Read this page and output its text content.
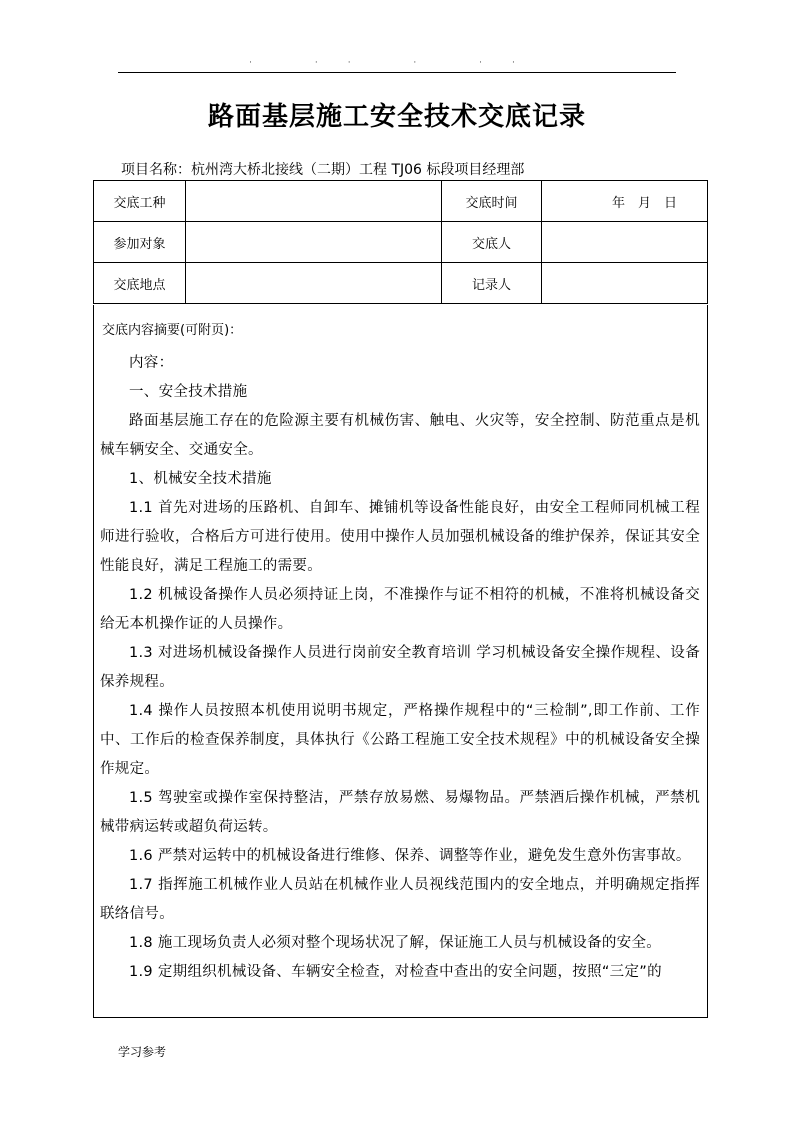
· ·· · ··
路面基层施工安全技术交底记录
项目名称：杭州湾大桥北接线（二期）工程 TJ06 标段项目经理部
交底工种		交底时间	年　月　日
参加对象		交底人	
交底地点		记录人	
交底内容摘要(可附页)：

内容：

一、安全技术措施

路面基层施工存在的危险源主要有机械伤害、触电、火灾等，安全控制、防范重点是机械车辆安全、交通安全。

1、机械安全技术措施

1.1 首先对进场的压路机、自卸车、摊铺机等设备性能良好，由安全工程师同机械工程师进行验收，合格后方可进行使用。使用中操作人员加强机械设备的维护保养，保证其安全性能良好，满足工程施工的需要。

1.2 机械设备操作人员必须持证上岗，不准操作与证不相符的机械，不准将机械设备交给无本机操作证的人员操作。

1.3 对进场机械设备操作人员进行岗前安全教育培训 学习机械设备安全操作规程、设备保养规程。

1.4 操作人员按照本机使用说明书规定，严格操作规程中的“三检制”,即工作前、工作中、工作后的检查保养制度，具体执行《公路工程施工安全技术规程》中的机械设备安全操作规定。

1.5 驾驶室或操作室保持整洁，严禁存放易燃、易爆物品。严禁酒后操作机械，严禁机械带病运转或超负荷运转。

1.6 严禁对运转中的机械设备进行维修、保养、调整等作业，避免发生意外伤害事故。

1.7 指挥施工机械作业人员站在机械作业人员视线范围内的安全地点，并明确规定指挥联络信号。

1.8 施工现场负责人必须对整个现场状况了解，保证施工人员与机械设备的安全。

1.9 定期组织机械设备、车辆安全检查，对检查中查出的安全问题，按照“三定”的

学习参考
